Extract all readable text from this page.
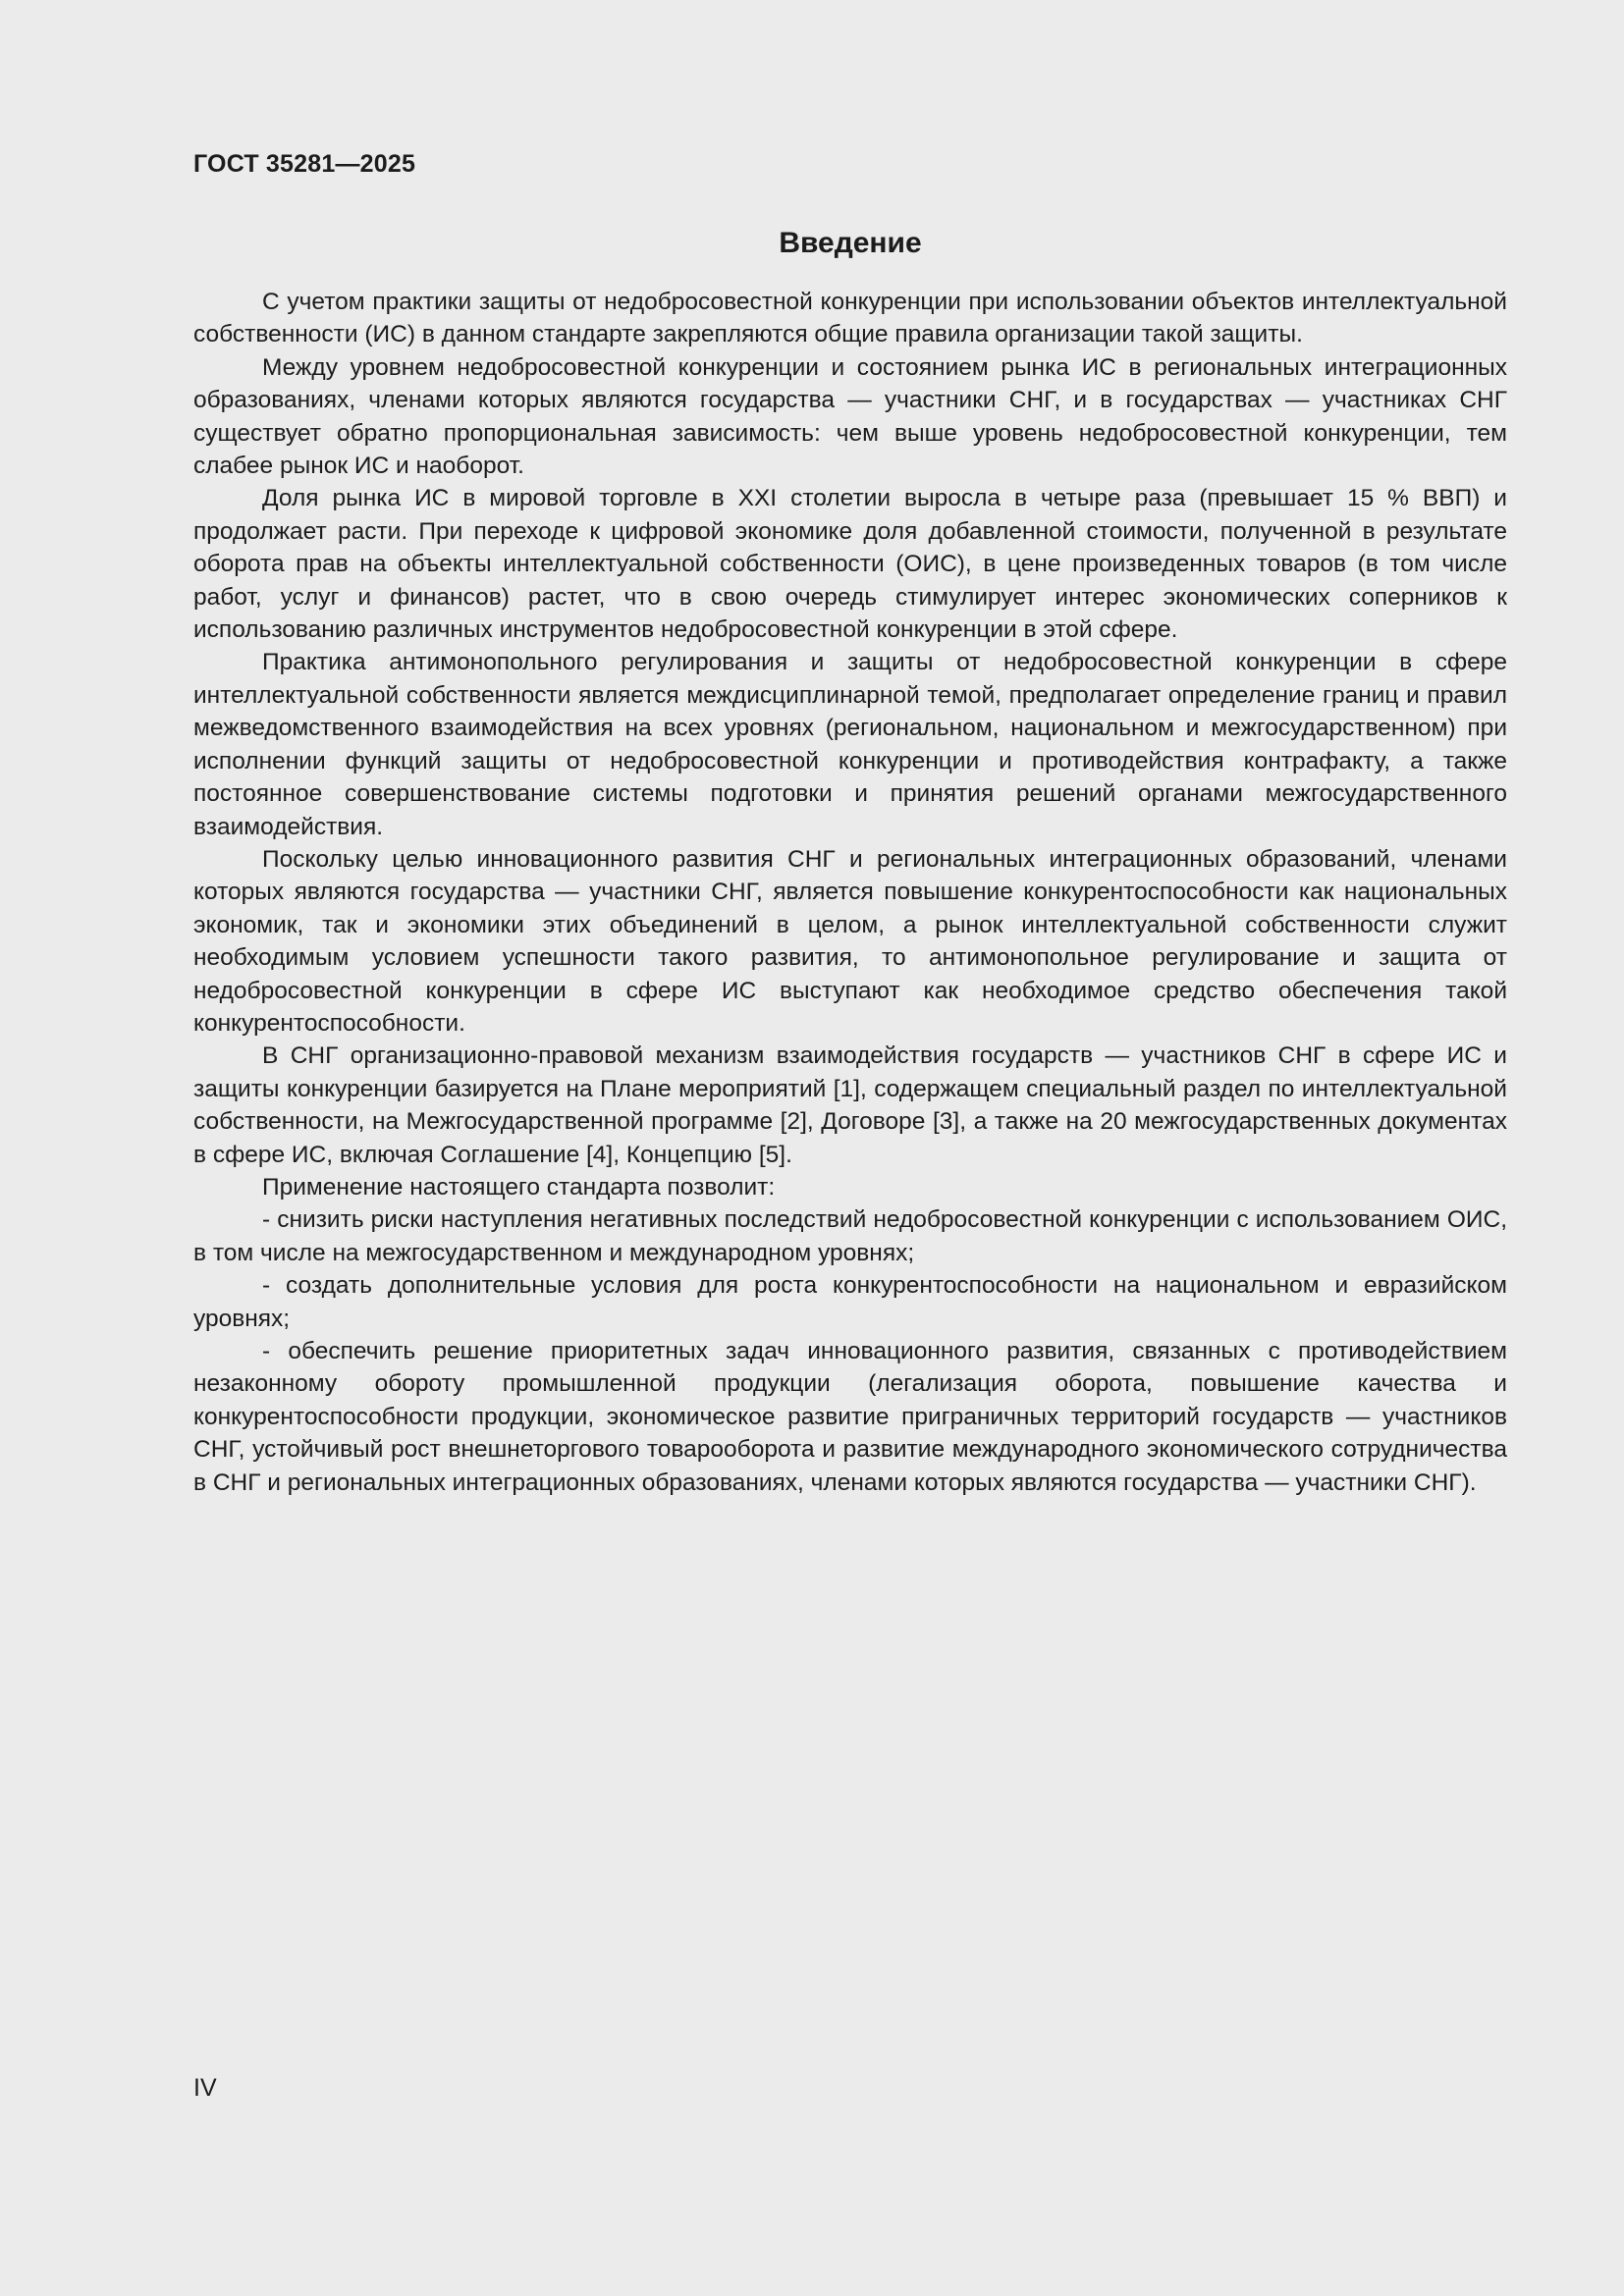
ГОСТ 35281—2025
Введение

С учетом практики защиты от недобросовестной конкуренции при использовании объектов интеллектуальной собственности (ИС) в данном стандарте закрепляются общие правила организации такой защиты.

Между уровнем недобросовестной конкуренции и состоянием рынка ИС в региональных интеграционных образованиях, членами которых являются государства — участники СНГ, и в государствах — участниках СНГ существует обратно пропорциональная зависимость: чем выше уровень недобросовестной конкуренции, тем слабее рынок ИС и наоборот.

Доля рынка ИС в мировой торговле в XXI столетии выросла в четыре раза (превышает 15 % ВВП) и продолжает расти. При переходе к цифровой экономике доля добавленной стоимости, полученной в результате оборота прав на объекты интеллектуальной собственности (ОИС), в цене произведенных товаров (в том числе работ, услуг и финансов) растет, что в свою очередь стимулирует интерес экономических соперников к использованию различных инструментов недобросовестной конкуренции в этой сфере.

Практика антимонопольного регулирования и защиты от недобросовестной конкуренции в сфере интеллектуальной собственности является междисциплинарной темой, предполагает определение границ и правил межведомственного взаимодействия на всех уровнях (региональном, национальном и межгосударственном) при исполнении функций защиты от недобросовестной конкуренции и противодействия контрафакту, а также постоянное совершенствование системы подготовки и принятия решений органами межгосударственного взаимодействия.

Поскольку целью инновационного развития СНГ и региональных интеграционных образований, членами которых являются государства — участники СНГ, является повышение конкурентоспособности как национальных экономик, так и экономики этих объединений в целом, а рынок интеллектуальной собственности служит необходимым условием успешности такого развития, то антимонопольное регулирование и защита от недобросовестной конкуренции в сфере ИС выступают как необходимое средство обеспечения такой конкурентоспособности.

В СНГ организационно-правовой механизм взаимодействия государств — участников СНГ в сфере ИС и защиты конкуренции базируется на Плане мероприятий [1], содержащем специальный раздел по интеллектуальной собственности, на Межгосударственной программе [2], Договоре [3], а также на 20 межгосударственных документах в сфере ИС, включая Соглашение [4], Концепцию [5].

Применение настоящего стандарта позволит:

- снизить риски наступления негативных последствий недобросовестной конкуренции с использованием ОИС, в том числе на межгосударственном и международном уровнях;

- создать дополнительные условия для роста конкурентоспособности на национальном и евразийском уровнях;

- обеспечить решение приоритетных задач инновационного развития, связанных с противодействием незаконному обороту промышленной продукции (легализация оборота, повышение качества и конкурентоспособности продукции, экономическое развитие приграничных территорий государств — участников СНГ, устойчивый рост внешнеторгового товарооборота и развитие международного экономического сотрудничества в СНГ и региональных интеграционных образованиях, членами которых являются государства — участники СНГ).

IV
